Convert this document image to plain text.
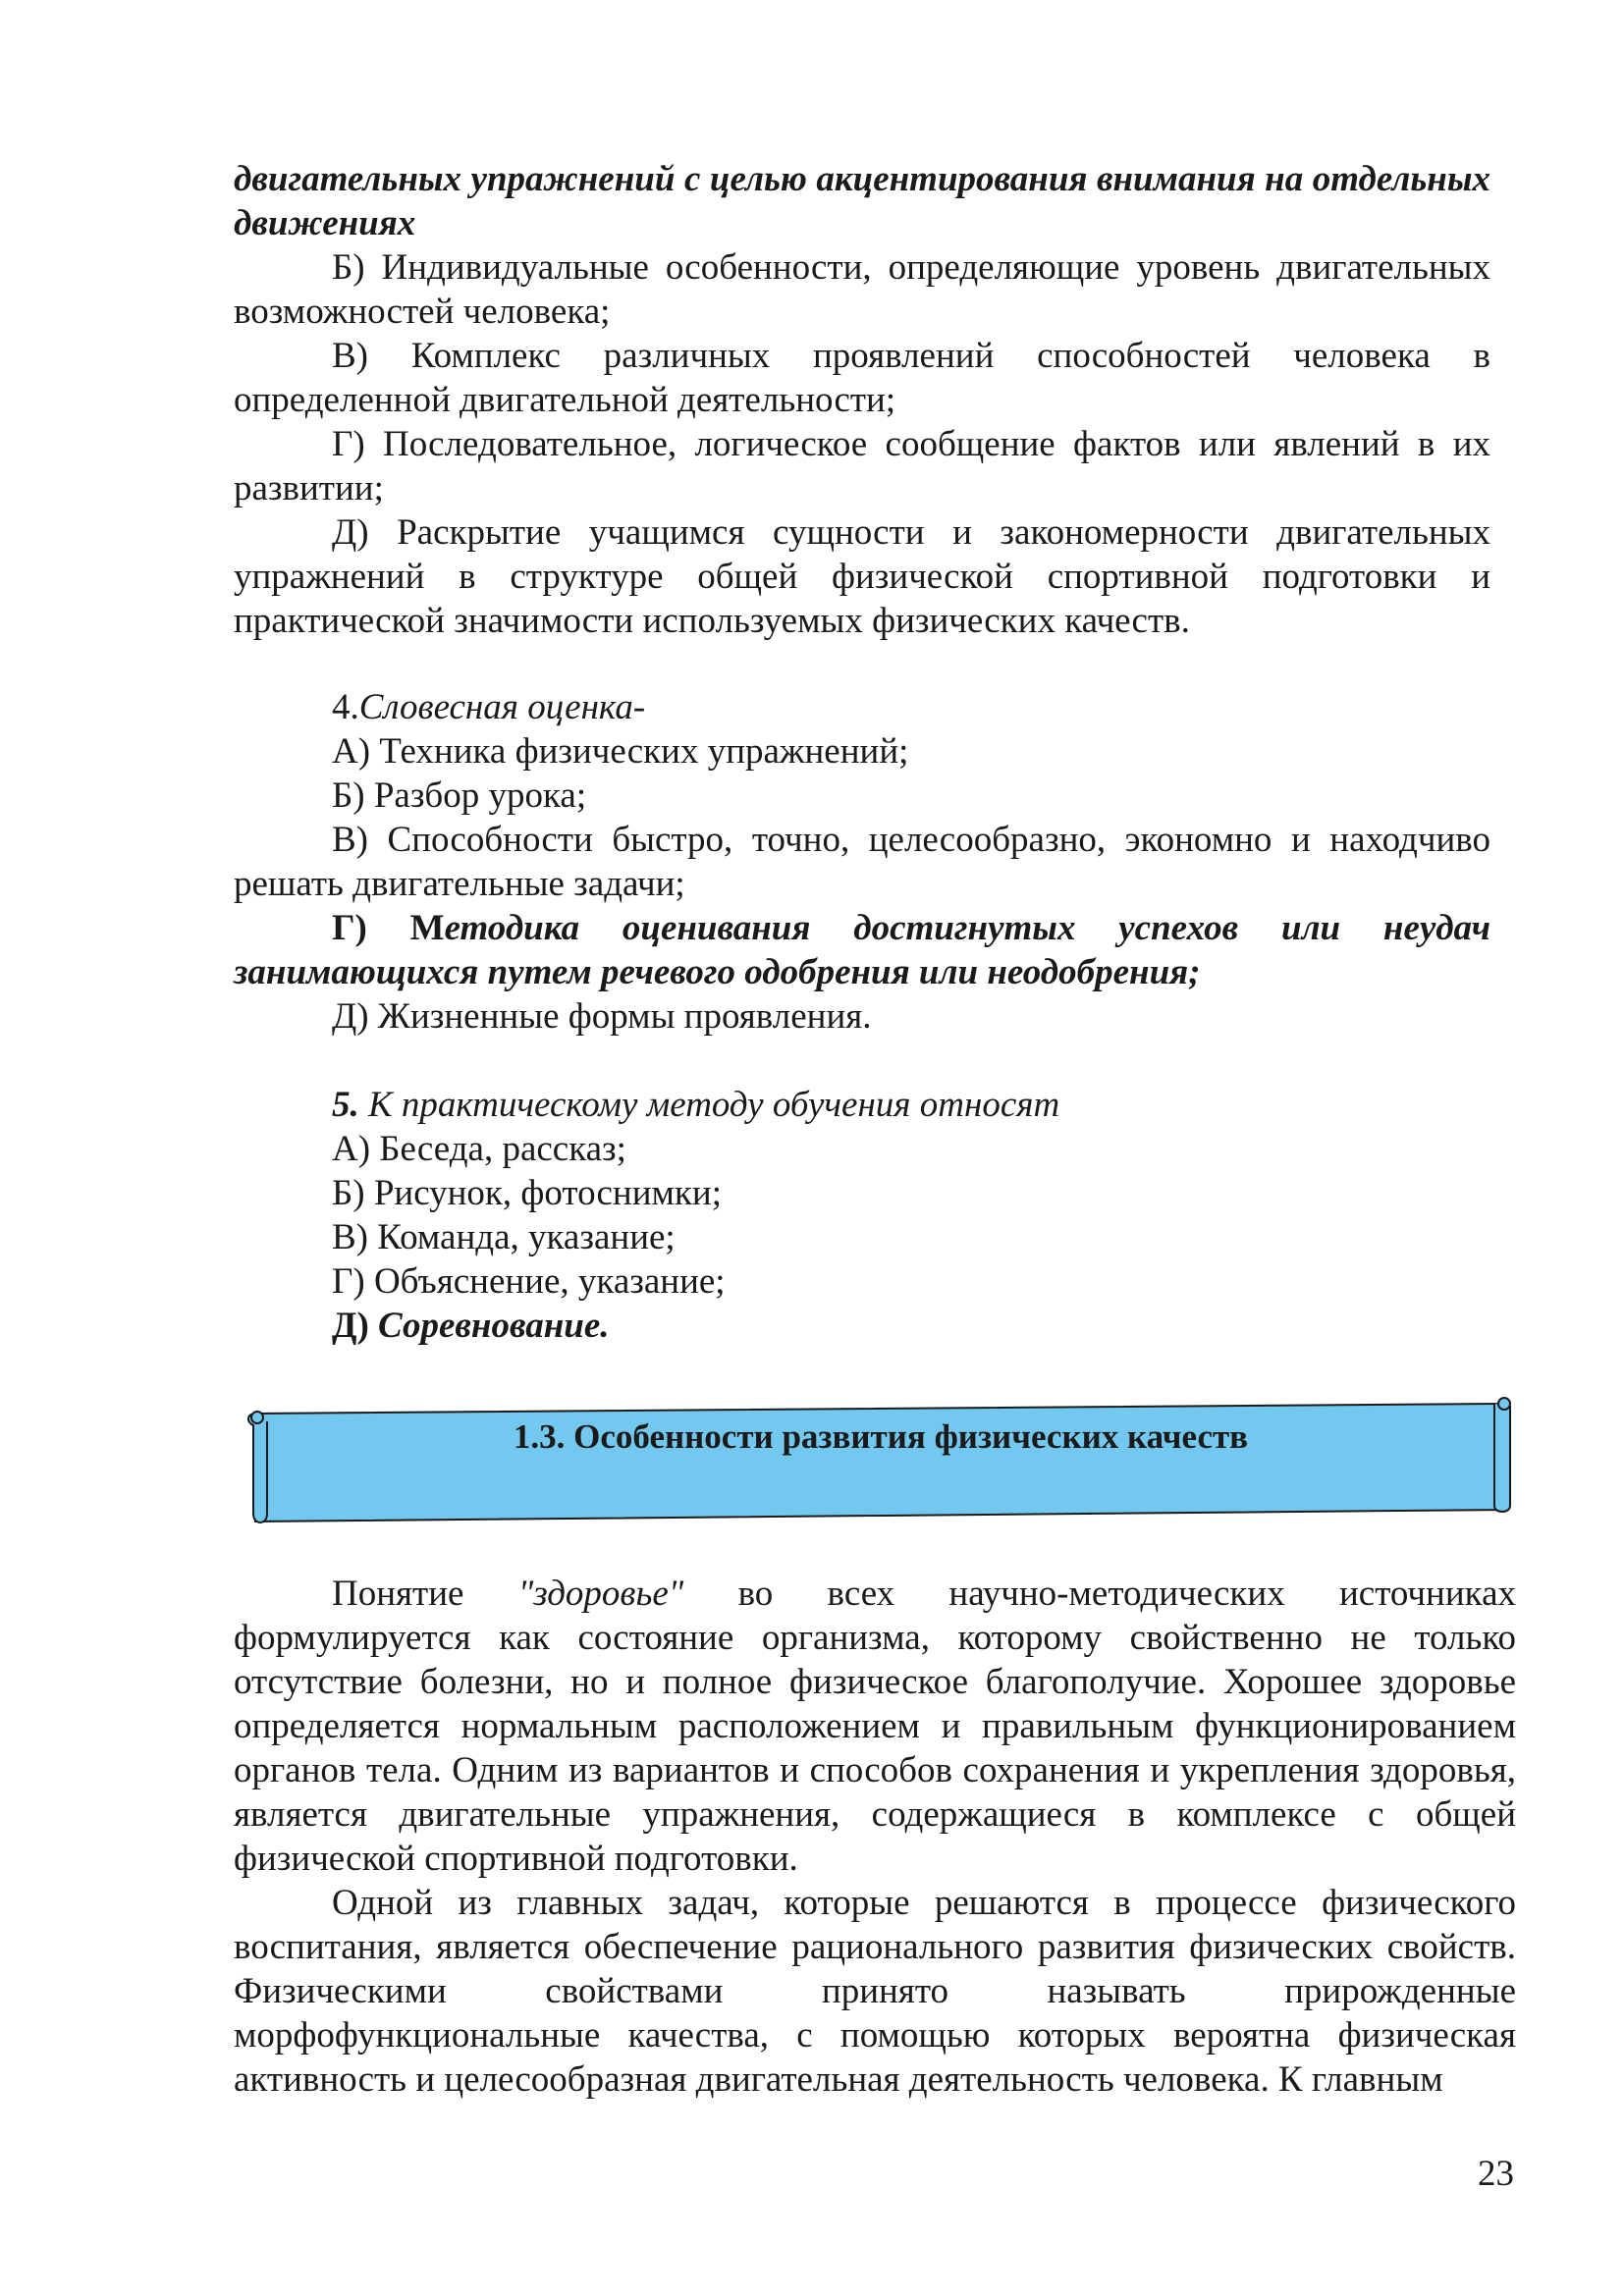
двигательных упражнений с целью акцентирования внимания на отдельных движениях

Б) Индивидуальные особенности, определяющие уровень двигательных возможностей человека;

В) Комплекс различных проявлений способностей человека в определенной двигательной деятельности;

Г) Последовательное, логическое сообщение фактов или явлений в их развитии;

Д) Раскрытие учащимся сущности и закономерности двигательных упражнений в структуре общей физической спортивной подготовки и практической значимости используемых физических качеств.

4.Словесная оценка-

А) Техника физических упражнений;

Б) Разбор урока;

В) Способности быстро, точно, целесообразно, экономно и находчиво решать двигательные задачи;

Г) Методика оценивания достигнутых успехов или неудач занимающихся путем речевого одобрения или неодобрения;

Д) Жизненные формы проявления.

5. К практическому методу обучения относят

А) Беседа, рассказ;

Б) Рисунок, фотоснимки;

В) Команда, указание;

Г) Объяснение, указание;

Д) Соревнование.

1.3. Особенности развития физических качеств

Понятие "здоровье" во всех научно-методических источниках формулируется как состояние организма, которому свойственно не только отсутствие болезни, но и полное физическое благополучие. Хорошее здоровье определяется нормальным расположением и правильным функционированием органов тела. Одним из вариантов и способов сохранения и укрепления здоровья, является двигательные упражнения, содержащиеся в комплексе с общей физической спортивной подготовки.

Одной из главных задач, которые решаются в процессе физического воспитания, является обеспечение рационального развития физических свойств. Физическими свойствами принято называть прирожденные морфофункциональные качества, с помощью которых вероятна физическая активность и целесообразная двигательная деятельность человека. К главным

23
